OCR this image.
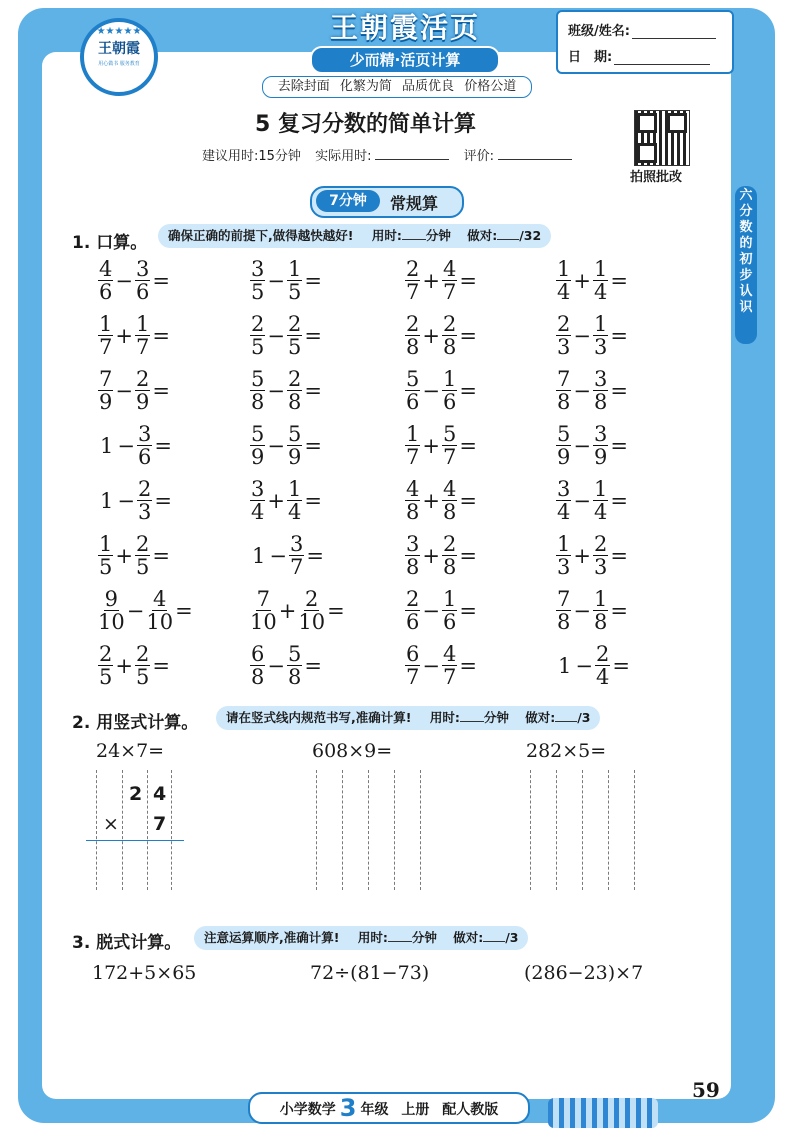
★★★★★
王朝霞
用心做书 服务教育
王朝霞活页
少而精·活页计算
班级/姓名:
日　期:
去除封面 化繁为简 品质优良 价格公道
拍照批改
5 复习分数的简单计算
建议用时:15分钟 实际用时:	评价:
7分钟	常规算	六
分
数
的
初
步
认
识
1. 口算。	确保正确的前提下,做得越快越好! 用时: 分钟 做对: /32
$\frac{4}{6} - \frac{3}{6}$ =	$\frac{3}{5} - \frac{1}{5}$ =	$\frac{2}{7} + \frac{4}{7}$ =	$\frac{1}{4} + \frac{1}{4}$ =
$\frac{1}{7} + \frac{1}{7}$ =	$\frac{2}{5} - \frac{2}{5}$ =	$\frac{2}{8} + \frac{2}{8}$ =	$\frac{2}{3} - \frac{1}{3}$ =
$\frac{7}{9} - \frac{2}{9}$ =	$\frac{5}{8} - \frac{2}{8}$ =	$\frac{5}{6} - \frac{1}{6}$ =	$\frac{7}{8} - \frac{3}{8}$ =
$1 - \frac{3}{6}$ =	$\frac{5}{9} - \frac{5}{9}$ =	$\frac{1}{7} + \frac{5}{7}$ =	$\frac{5}{9} - \frac{3}{9}$ =
$1 - \frac{2}{3}$ =	$\frac{3}{4} + \frac{1}{4}$ =	$\frac{4}{8} + \frac{4}{8}$ =	$\frac{3}{4} - \frac{1}{4}$ =
$\frac{1}{5} + \frac{2}{5}$ =	$1 - \frac{3}{7}$ =	$\frac{3}{8} + \frac{2}{8}$ =	$\frac{1}{3} + \frac{2}{3}$ =
$\frac{9}{10} - \frac{4}{10}$ =	$\frac{7}{10} + \frac{2}{10}$ =	$\frac{2}{6} - \frac{1}{6}$ =	$\frac{7}{8} - \frac{1}{8}$ =
$\frac{2}{5} + \frac{2}{5}$ =	$\frac{6}{8} - \frac{5}{8}$ =	$\frac{6}{7} - \frac{4}{7}$ =	$1 - \frac{2}{4}$ =
2. 用竖式计算。	请在竖式线内规范书写,准确计算! 用时: 分钟 做对: /3
24×7=	608×9=	282×5=
2 4
× 7
3. 脱式计算。	注意运算顺序,准确计算! 用时: 分钟 做对: /3
172+5×65	72÷(81−73)	(286−23)×7
59
小学数学 3 年级 上册 配人教版
